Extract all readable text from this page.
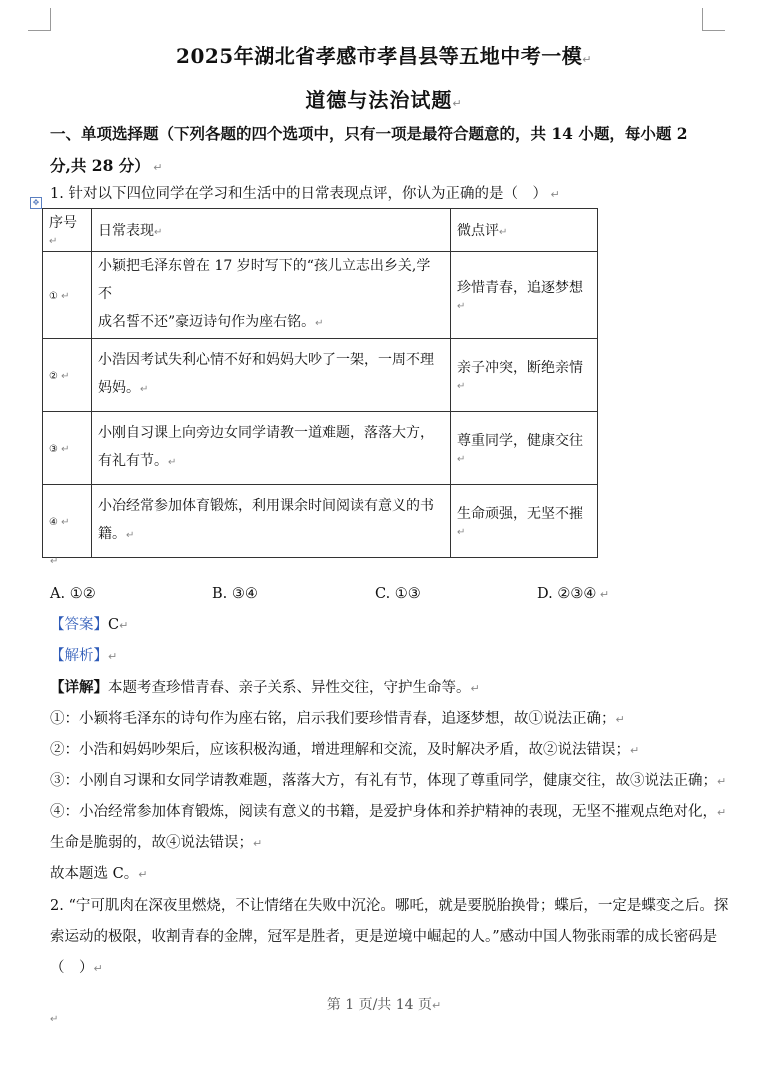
2025年湖北省孝感市孝昌县等五地中考一模↵
道德与法治试题↵
一、单项选择题（下列各题的四个选项中，只有一项是最符合题意的，共 14 小题，每小题 2
分,共 28 分） ↵
1. 针对以下四位同学在学习和生活中的日常表现点评，你认为正确的是（　） ↵
✥
序号↵	日常表现↵	微点评↵
① ↵	小颖把毛泽东曾在 17 岁时写下的“孩儿立志出乡关,学不
成名誓不还”豪迈诗句作为座右铭。↵	珍惜青春，追逐梦想↵
② ↵	小浩因考试失利心情不好和妈妈大吵了一架，一周不理
妈妈。↵	亲子冲突，断绝亲情↵
③ ↵	小刚自习课上向旁边女同学请教一道难题，落落大方，
有礼有节。↵	尊重同学，健康交往↵
④ ↵	小冶经常参加体育锻炼，利用课余时间阅读有意义的书
籍。↵	生命顽强，无坚不摧↵
↵
A. ①②	B. ③④	C. ①③	D. ②③④ ↵
【答案】C↵
【解析】↵
【详解】本题考查珍惜青春、亲子关系、异性交往，守护生命等。↵
①：小颖将毛泽东的诗句作为座右铭，启示我们要珍惜青春，追逐梦想，故①说法正确；↵
②：小浩和妈妈吵架后，应该积极沟通，增进理解和交流，及时解决矛盾，故②说法错误；↵
③：小刚自习课和女同学请教难题，落落大方，有礼有节，体现了尊重同学，健康交往，故③说法正确；↵
④：小冶经常参加体育锻炼，阅读有意义的书籍，是爱护身体和养护精神的表现，无坚不摧观点绝对化，↵
生命是脆弱的，故④说法错误；↵
故本题选 C。↵
2. “宁可肌肉在深夜里燃烧，不让情绪在失败中沉沦。哪吒，就是要脱胎换骨；蝶后，一定是蝶变之后。探
索运动的极限，收割青春的金牌，冠军是胜者，更是逆境中崛起的人。”感动中国人物张雨霏的成长密码是
（　）↵
第 1 页/共 14 页↵
↵
